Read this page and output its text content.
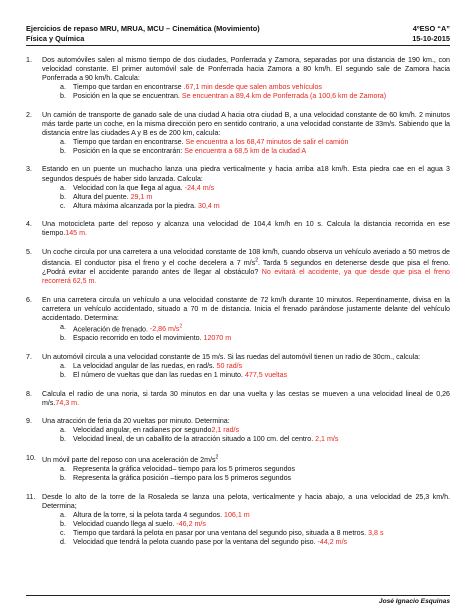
Ejercicios de repaso MRU, MRUA, MCU – Cinemática (Movimiento)	4ºESO “A”
Física y Química	15-10-2015
1. Dos automóviles salen al mismo tiempo de dos ciudades, Ponferrada y Zamora, separadas por una distancia de 190 km., con velocidad constante. El primer automóvil sale de Ponferrada hacia Zamora a 80 km/h. El segundo sale de Zamora hacia Ponferrada a 90 km/h. Calcula:
a. Tiempo que tardan en encontrarse .67,1 min desde que salen ambos vehículos
b. Posición en la que se encuentran. Se encuentran a 89,4 km de Ponferrada (a 100,6 km de Zamora)
2. Un camión de transporte de ganado sale de una ciudad A hacia otra ciudad B, a una velocidad constante de 60 km/h. 2 minutos más tarde parte un coche, en la misma dirección pero en sentido contrario, a una velocidad constante de 33m/s. Sabiendo que la distancia entre las ciudades A y B es de 200 km, calcula:
a. Tiempo que tardan en encontrarse. Se encuentra a los 68,47 minutos de salir el camión
b. Posición en la que se encontrarán: Se encuentra a 68,5 km de la ciudad A
3. Estando en un puente un muchacho lanza una piedra verticalmente y hacia arriba a18 km/h. Esta piedra cae en el agua 3 segundos después de haber sido lanzada. Calcula:
a. Velocidad con la que llega al agua. -24,4 m/s
b. Altura del puente. 29,1 m
c. Altura máxima alcanzada por la piedra. 30,4 m
4. Una motocicleta parte del reposo y alcanza una velocidad de 104,4 km/h en 10 s. Calcula la distancia recorrida en ese tiempo.145 m.
5. Un coche circula por una carretera a una velocidad constante de 108 km/h, cuando observa un vehículo averiado a 50 metros de distancia. El conductor pisa el freno y el coche decelera a 7 $m/s^2$. Tarda 5 segundos en detenerse desde que pisa el freno. ¿Podrá evitar el accidente parando antes de llegar al obstáculo? No evitará el accidente, ya que desde que pisa el freno recorrerá 62,5 m.
6. En una carretera circula un vehículo a una velocidad constante de 72 km/h durante 10 minutos. Repentinamente, divisa en la carretera un vehículo accidentado, situado a 70 m de distancia. Inicia el frenado parándose justamente delante del vehículo accidentado. Determina:
a. Aceleración de frenado. -2,86 $m/s^2$
b. Espacio recorrido en todo el movimiento. 12070 m
7. Un automóvil circula a una velocidad constante de 15 m/s. Si las ruedas del automóvil tienen un radio de 30cm., calcula:
a. La velocidad angular de las ruedas, en rad/s. 50 rad/s
b. El número de vueltas que dan las ruedas en 1 minuto. 477,5 vueltas
8. Calcula el radio de una noria, si tarda 30 minutos en dar una vuelta y las cestas se mueven a una velocidad lineal de 0,26 m/s.74,3 m.
9. Una atracción de feria da 20 vueltas por minuto. Determina:
a. Velocidad angular, en radianes por segundo2,1 rad/s
b. Velocidad lineal, de un caballito de la atracción situado a 100 cm. del centro. 2,1 m/s
10. Un móvil parte del reposo con una aceleración de $2m/s^2$
a. Representa la gráfica velocidad– tiempo para los 5 primeros segundos
b. Representa la gráfica posición –tiempo para los 5 primeros segundos
11. Desde lo alto de la torre de la Rosaleda se lanza una pelota, verticalmente y hacia abajo, a una velocidad de 25,3 km/h. Determina;
a. Altura de la torre, si la pelota tarda 4 segundos. 106,1 m
b. Velocidad cuando llega al suelo. -46,2 m/s
c. Tiempo que tardará la pelota en pasar por una ventana del segundo piso, situada a 8 metros. 3,8 s
d. Velocidad que tendrá la pelota cuando pase por la ventana del segundo piso. -44,2 m/s
José Ignacio Esquinas
